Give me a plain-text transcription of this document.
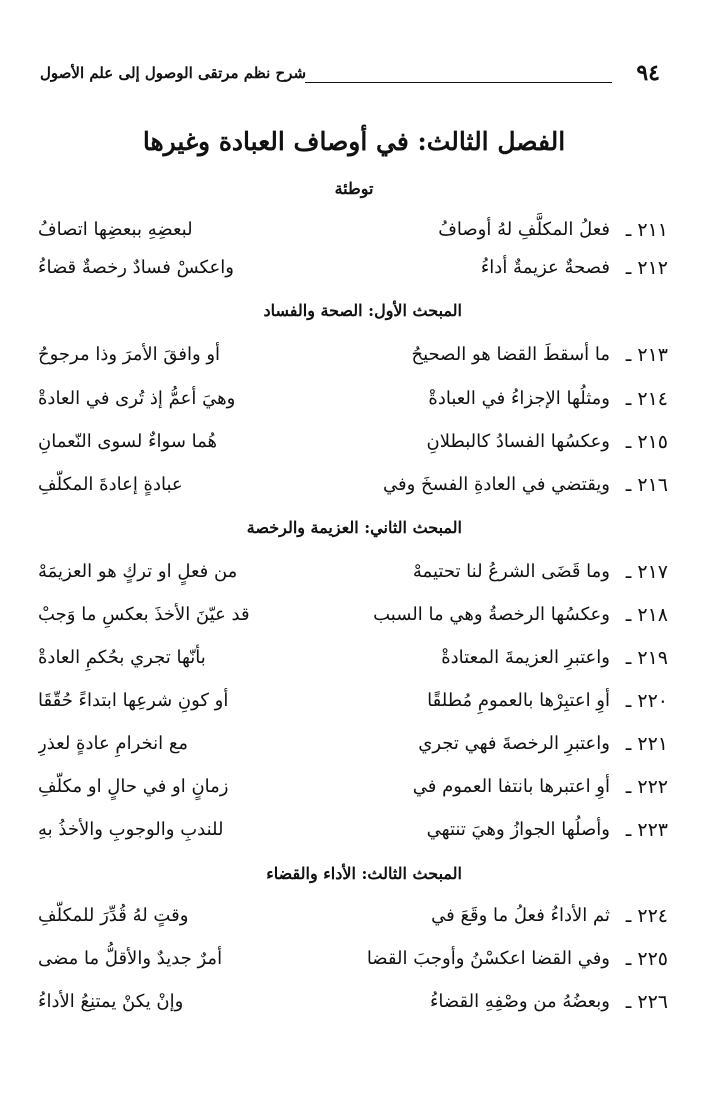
٩٤
شرح نظم مرتقى الوصول إلى علم الأصول
الفصل الثالث: في أوصاف العبادة وغيرها
توطئة
٢١١ ـ
فعلُ المكلَّفِ لهُ أوصافُ
لبعضِهِ ببعضِها اتصافُ
٢١٢ ـ
فصحةٌ عزيمةٌ أداءُ
واعكسْ فسادٌ رخصةٌ قضاءُ
المبحث الأول: الصحة والفساد
٢١٣ ـ
ما أسقطَ القضا هو الصحيحُ
أو وافقَ الأمرَ وذا مرجوحُ
٢١٤ ـ
ومثلُها الإجزاءُ في العبادةْ
وهيَ أعمُّ إذ تُرى في العادةْ
٢١٥ ـ
وعكسُها الفسادُ كالبطلانِ
هُما سواءٌ لسوى النّعمانِ
٢١٦ ـ
ويقتضي في العادةِ الفسخَ وفي
عبادةٍ إعادةَ المكلّفِ
المبحث الثاني: العزيمة والرخصة
٢١٧ ـ
وما قَضَى الشرعُ لنا تحتيمهْ
من فعلٍ او تركٍ هو العزيمَهْ
٢١٨ ـ
وعكسُها الرخصةُ وهي ما السبب
قد عيّنَ الأخذَ بعكسِ ما وَجبْ
٢١٩ ـ
واعتبرِ العزيمةَ المعتادةْ
بأنّها تجري بحُكمِ العادةْ
٢٢٠ ـ
أوِ اعتبِرْها بالعمومِ مُطلقًا
أو كونِ شرعِها ابتداءً حُقّقَا
٢٢١ ـ
واعتبرِ الرخصةَ فهي تجري
مع انخرامِ عادةٍ لعذرِ
٢٢٢ ـ
أوِ اعتبرها بانتفا العموم في
زمانٍ او في حالٍ او مكلّفِ
٢٢٣ ـ
وأصلُها الجوازُ وهيَ تنتهي
للندبِ والوجوبِ والأخذُ بهِ
المبحث الثالث: الأداء والقضاء
٢٢٤ ـ
ثم الأداءُ فعلُ ما وقَعَ في
وقتٍ لهُ قُدِّرَ للمكلّفِ
٢٢٥ ـ
وفي القضا اعكسْنُ وأوجبَ القضا
أمرٌ جديدٌ والأقلُّ ما مضى
٢٢٦ ـ
وبعضُهُ من وصْفِهِ القضاءُ
وإنْ يكنْ يمتنِعُ الأداءُ
